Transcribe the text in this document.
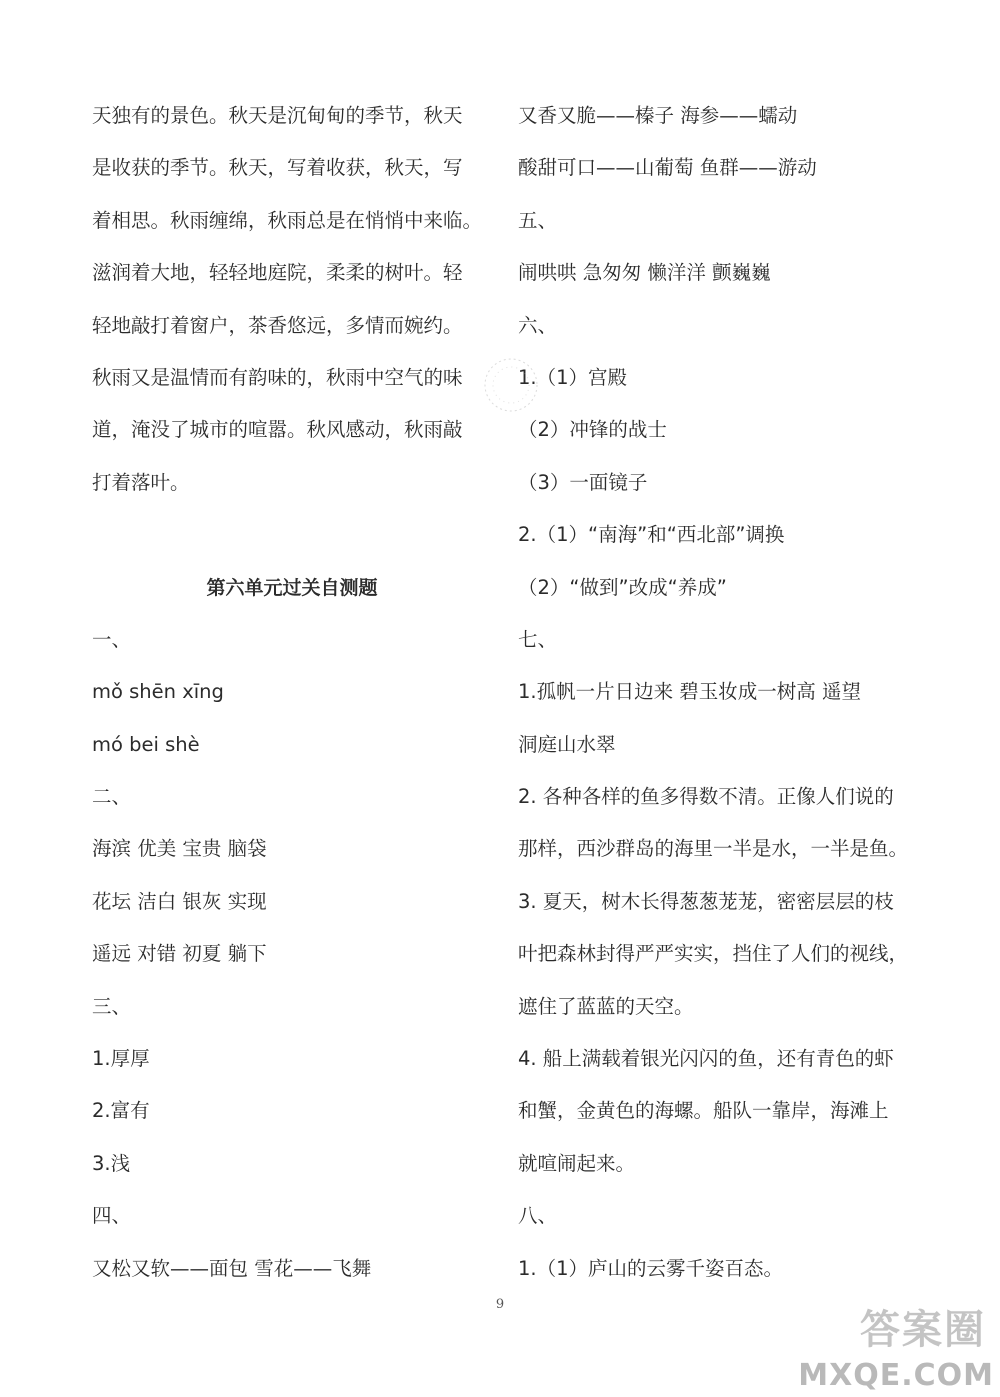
天独有的景色。秋天是沉甸甸的季节，秋天
是收获的季节。秋天，写着收获，秋天，写
着相思。秋雨缠绵，秋雨总是在悄悄中来临。
滋润着大地，轻轻地庭院，柔柔的树叶。轻
轻地敲打着窗户，茶香悠远，多情而婉约。
秋雨又是温情而有韵味的，秋雨中空气的味
道，淹没了城市的喧嚣。秋风感动，秋雨敲
打着落叶。
第六单元过关自测题
一、
mǒ shēn xīng
mó bei shè
二、
海滨 优美 宝贵 脑袋
花坛 洁白 银灰 实现
遥远 对错 初夏 躺下
三、
1.厚厚
2.富有
3.浅
四、
又松又软——面包 雪花——飞舞
又香又脆——榛子 海参——蠕动
酸甜可口——山葡萄 鱼群——游动
五、
闹哄哄 急匆匆 懒洋洋 颤巍巍
六、
1.（1）宫殿
（2）冲锋的战士
（3）一面镜子
2.（1）“南海”和“西北部”调换
（2）“做到”改成“养成”
七、
1.孤帆一片日边来 碧玉妆成一树高 遥望
洞庭山水翠
2. 各种各样的鱼多得数不清。正像人们说的
那样，西沙群岛的海里一半是水，一半是鱼。
3. 夏天，树木长得葱葱茏茏，密密层层的枝
叶把森林封得严严实实，挡住了人们的视线，
遮住了蓝蓝的天空。
4. 船上满载着银光闪闪的鱼，还有青色的虾
和蟹，金黄色的海螺。船队一靠岸，海滩上
就喧闹起来。
八、
1.（1）庐山的云雾千姿百态。
9
答案圈
MXQE.COM
